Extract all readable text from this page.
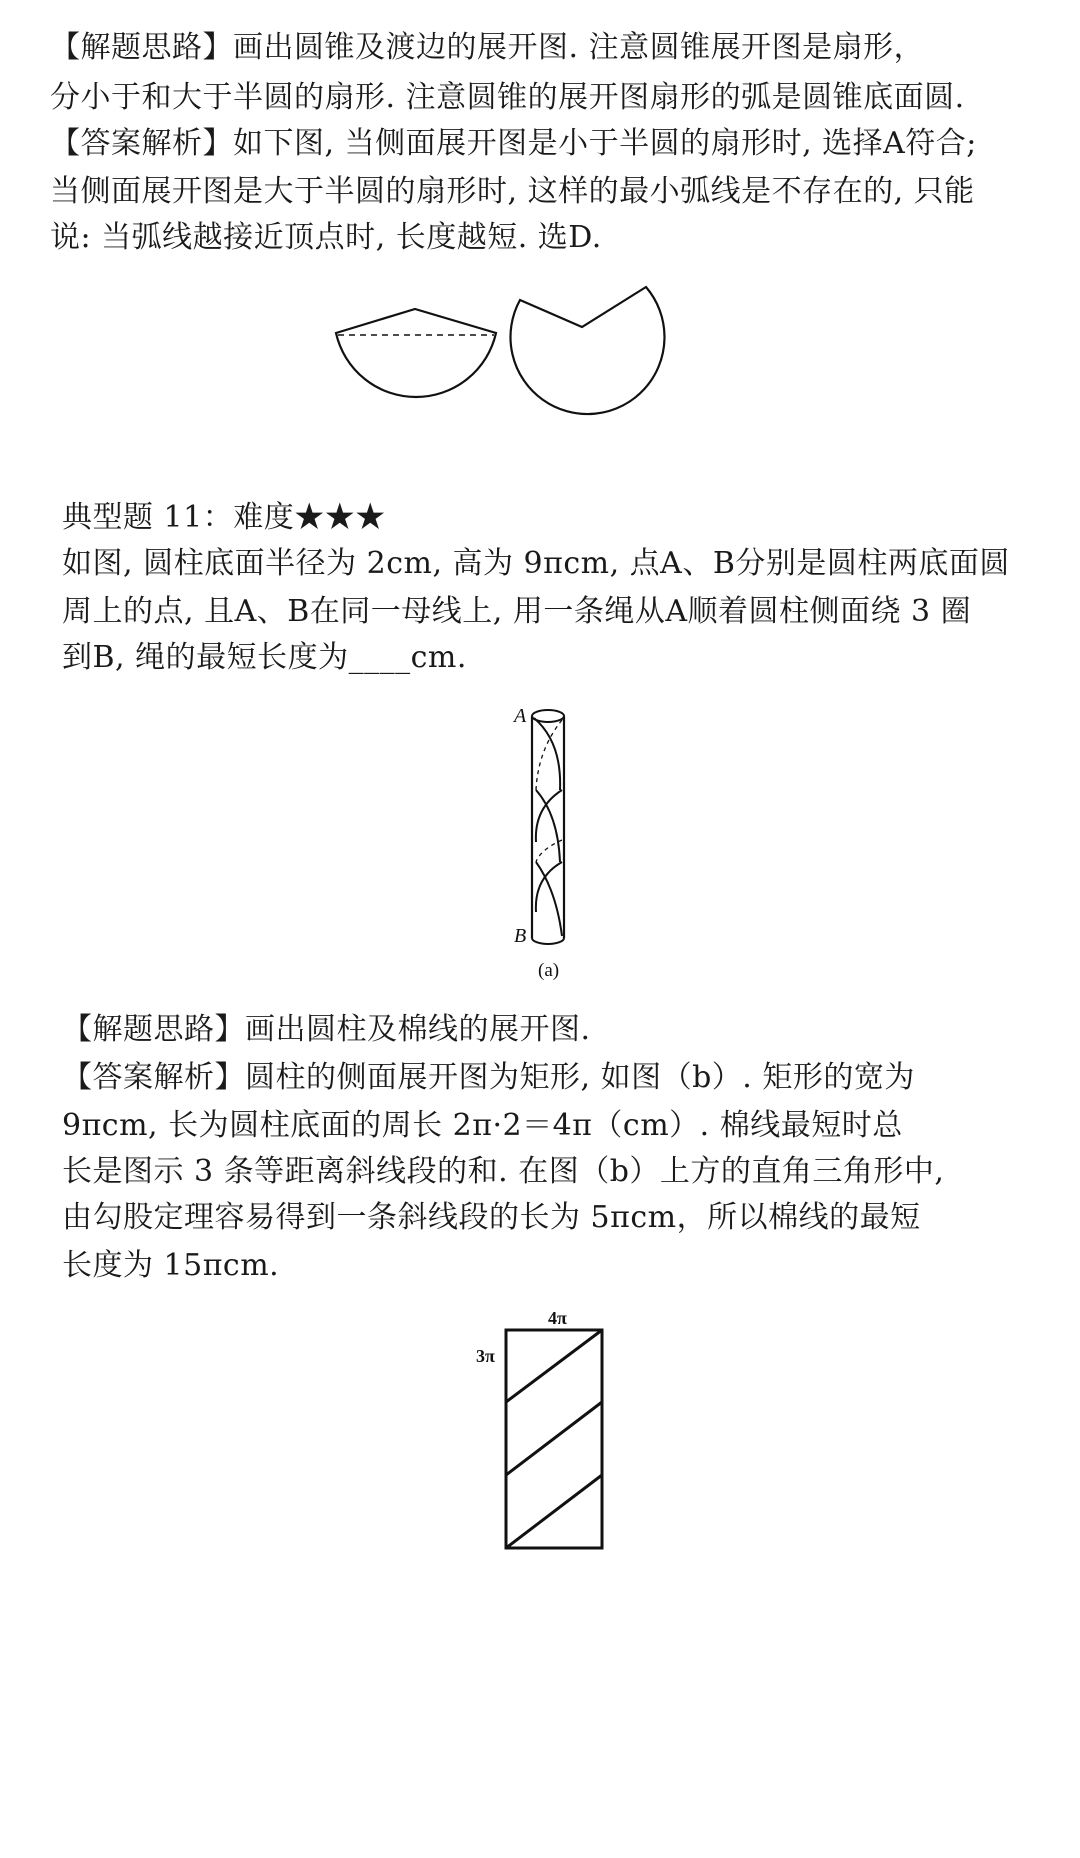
【解题思路】画出圆锥及渡边的展开图. 注意圆锥展开图是扇形，
分小于和大于半圆的扇形. 注意圆锥的展开图扇形的弧是圆锥底面圆.
【答案解析】如下图, 当侧面展开图是小于半圆的扇形时, 选择A符合;
当侧面展开图是大于半圆的扇形时, 这样的最小弧线是不存在的, 只能
说: 当弧线越接近顶点时, 长度越短. 选D.
典型题 11：难度★★★
如图, 圆柱底面半径为 2cm, 高为 9πcm, 点A、B分别是圆柱两底面圆
周上的点, 且A、B在同一母线上, 用一条绳从A顺着圆柱侧面绕 3 圈
到B, 绳的最短长度为____cm.
A
B
(a)
【解题思路】画出圆柱及棉线的展开图.
【答案解析】圆柱的侧面展开图为矩形, 如图（b）. 矩形的宽为
9πcm, 长为圆柱底面的周长 2π·2＝4π（cm）. 棉线最短时总
长是图示 3 条等距离斜线段的和. 在图（b）上方的直角三角形中,
由勾股定理容易得到一条斜线段的长为 5πcm，所以棉线的最短
长度为 15πcm.
4π
3π
